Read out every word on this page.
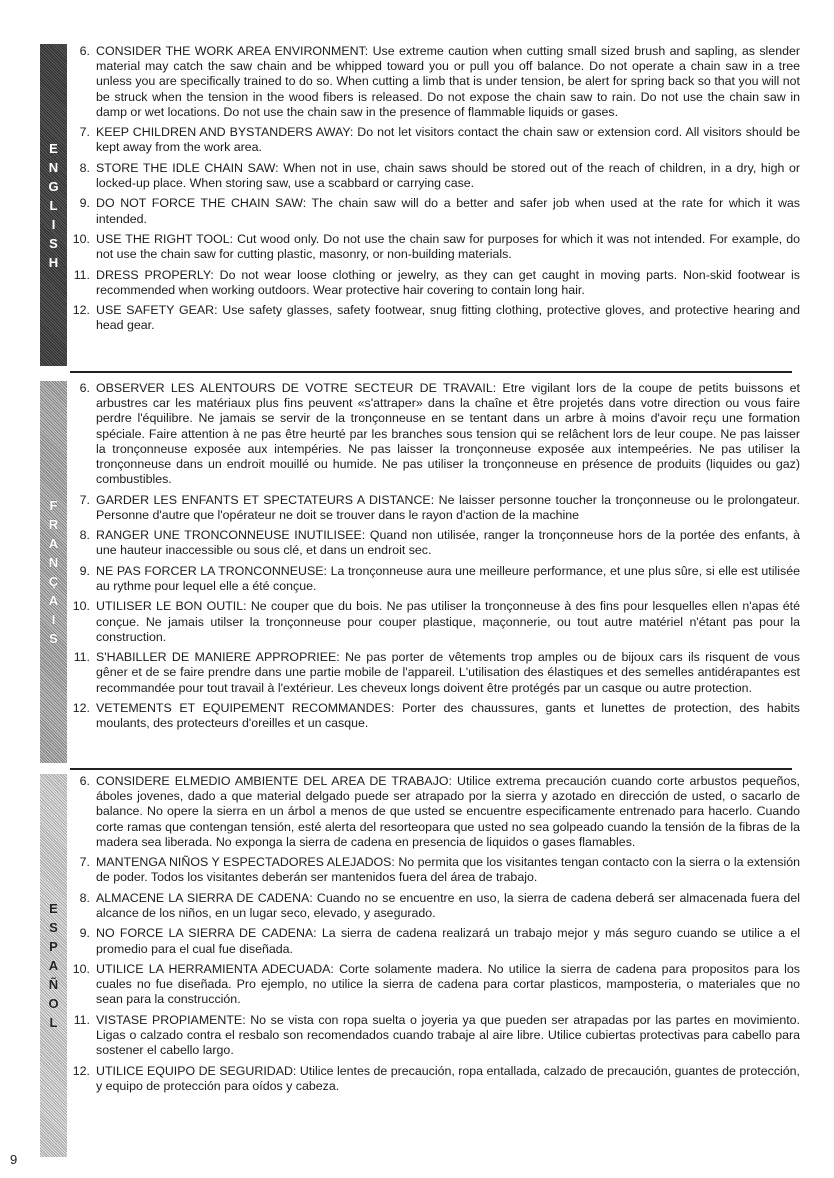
E
N
G
L
I
S
H
6. CONSIDER THE WORK AREA ENVIRONMENT: Use extreme caution when cutting small sized brush and sapling, as slender material may catch the saw chain and be whipped toward you or pull you off balance. Do not operate a chain saw in a tree unless you are specifically trained to do so. When cutting a limb that is under tension, be alert for spring back so that you will not be struck when the tension in the wood fibers is released. Do not expose the chain saw to rain. Do not use the chain saw in damp or wet locations. Do not use the chain saw in the presence of flammable liquids or gases.
7. KEEP CHILDREN AND BYSTANDERS AWAY: Do not let visitors contact the chain saw or extension cord. All visitors should be kept away from the work area.
8. STORE THE IDLE CHAIN SAW: When not in use, chain saws should be stored out of the reach of children, in a dry, high or locked-up place. When storing saw, use a scabbard or carrying case.
9. DO NOT FORCE THE CHAIN SAW: The chain saw will do a better and safer job when used at the rate for which it was intended.
10. USE THE RIGHT TOOL: Cut wood only. Do not use the chain saw for purposes for which it was not intended. For example, do not use the chain saw for cutting plastic, masonry, or non-building materials.
11. DRESS PROPERLY: Do not wear loose clothing or jewelry, as they can get caught in moving parts. Non-skid footwear is recommended when working outdoors. Wear protective hair covering to contain long hair.
12. USE SAFETY GEAR: Use safety glasses, safety footwear, snug fitting clothing, protective gloves, and protective hearing and head gear.
F
R
A
N
Ç
A
I
S
6. OBSERVER LES ALENTOURS DE VOTRE SECTEUR DE TRAVAIL: Etre vigilant lors de la coupe de petits buissons et arbustres car les matériaux plus fins peuvent «s'attraper» dans la chaîne et être projetés dans votre direction ou vous faire perdre l'équilibre. Ne jamais se servir de la tronçonneuse en se tentant dans un arbre à moins d'avoir reçu une formation spéciale. Faire attention à ne pas être heurté par les branches sous tension qui se relâchent lors de leur coupe. Ne pas laisser la tronçonneuse exposée aux intempéries. Ne pas laisser la tronçonneuse exposée aux intempeéries. Ne pas utiliser la tronçonneuse dans un endroit mouillé ou humide. Ne pas utiliser la tronçonneuse en présence de produits (liquides ou gaz) combustibles.
7. GARDER LES ENFANTS ET SPECTATEURS A DISTANCE: Ne laisser personne toucher la tronçonneuse ou le prolongateur. Personne d'autre que l'opérateur ne doit se trouver dans le rayon d'action de la machine
8. RANGER UNE TRONCONNEUSE INUTILISEE: Quand non utilisée, ranger la tronçonneuse hors de la portée des enfants, à une hauteur inaccessible ou sous clé, et dans un endroit sec.
9. NE PAS FORCER LA TRONCONNEUSE: La tronçonneuse aura une meilleure performance, et une plus sûre, si elle est utilisée au rythme pour lequel elle a été conçue.
10. UTILISER LE BON OUTIL: Ne couper que du bois. Ne pas utiliser la tronçonneuse à des fins pour lesquelles ellen n'apas été conçue. Ne jamais utilser la tronçonneuse pour couper plastique, maçonnerie, ou tout autre matériel n'étant pas pour la construction.
11. S'HABILLER DE MANIERE APPROPRIEE: Ne pas porter de vêtements trop amples ou de bijoux cars ils risquent de vous gêner et de se faire prendre dans une partie mobile de l'appareil. L'utilisation des élastiques et des semelles antidérapantes est recommandée pour tout travail à l'extérieur. Les cheveux longs doivent être protégés par un casque ou autre protection.
12. VETEMENTS ET EQUIPEMENT RECOMMANDES: Porter des chaussures, gants et lunettes de protection, des habits moulants, des protecteurs d'oreilles et un casque.
E
S
P
A
Ñ
O
L
6. CONSIDERE ELMEDIO AMBIENTE DEL AREA DE TRABAJO: Utilice extrema precaución cuando corte arbustos pequeños, áboles jovenes, dado a que material delgado puede ser atrapado por la sierra y azotado en dirección de usted, o sacarlo de balance. No opere la sierra en un árbol a menos de que usted se encuentre especificamente entrenado para hacerlo. Cuando corte ramas que contengan tensión, esté alerta del resorteopara que usted no sea golpeado cuando la tensión de la fibras de la madera sea liberada. No exponga la sierra de cadena en presencia de liquidos o gases flamables.
7. MANTENGA NIÑOS Y ESPECTADORES ALEJADOS: No permita que los visitantes tengan contacto con la sierra o la extensión de poder. Todos los visitantes deberán ser mantenidos fuera del área de trabajo.
8. ALMACENE LA SIERRA DE CADENA: Cuando no se encuentre en uso, la sierra de cadena deberá ser almacenada fuera del alcance de los niños, en un lugar seco, elevado, y asegurado.
9. NO FORCE LA SIERRA DE CADENA: La sierra de cadena realizará un trabajo mejor y más seguro cuando se utilice a el promedio para el cual fue diseñada.
10. UTILICE LA HERRAMIENTA ADECUADA: Corte solamente madera. No utilice la sierra de cadena para propositos para los cuales no fue diseñada. Pro ejemplo, no utilice la sierra de cadena para cortar plasticos, mamposteria, o materiales que no sean para la construcción.
11. VISTASE PROPIAMENTE: No se vista con ropa suelta o joyeria ya que pueden ser atrapadas por las partes en movimiento. Ligas o calzado contra el resbalo son recomendados cuando trabaje al aire libre. Utilice cubiertas protectivas para cabello para sostener el cabello largo.
12. UTILICE EQUIPO DE SEGURIDAD: Utilice lentes de precaución, ropa entallada, calzado de precaución, guantes de protección, y equipo de protección para oídos y cabeza.
9
